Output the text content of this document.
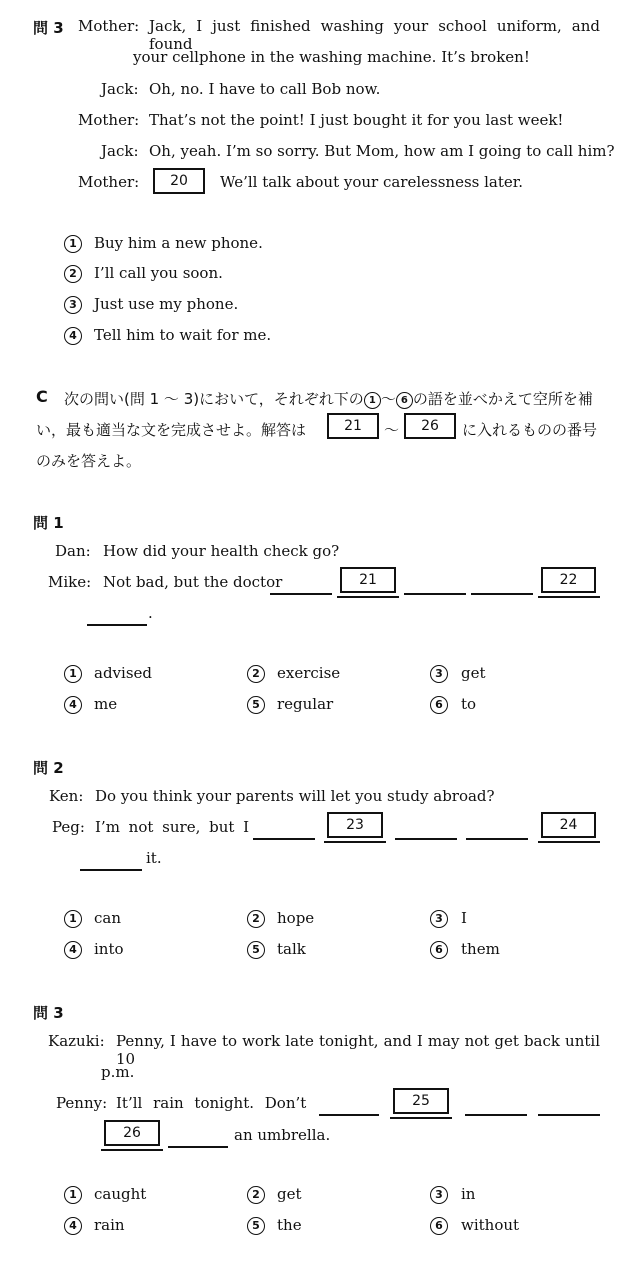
問 3 Mother: Jack, I just finished washing your school uniform, and found
your cellphone in the washing machine. It’s broken!
Jack: Oh, no. I have to call Bob now.
Mother: That’s not the point! I just bought it for you last week!
Jack: Oh, yeah. I’m so sorry. But Mom, how am I going to call him?
Mother:	20	We’ll talk about your carelessness later.
1	Buy him a new phone.
2	I’ll call you soon.
3	Just use my phone.
4	Tell him to wait for me.
C 次の問い(問 1 ～ 3)において，それぞれ下の 1 ～ 6 の語を並べかえて空所を補
い，最も適当な文を完成させよ。解答は	21	～	26	に入れるものの番号
のみを答えよ。
問 1
Dan: How did your health check go?
Mike: Not bad, but the doctor	21	22
.
1	advised	2	exercise	3	get
4	me	5	regular	6	to
問 2
Ken: Do you think your parents will let you study abroad?
Peg: I’m not sure, but I	23	24
it.
1	can	2	hope	3	I
4	into	5	talk	6	them
問 3
Kazuki: Penny, I have to work late tonight, and I may not get back until 10
p.m.
Penny: It’ll rain tonight. Don’t	25
26	an umbrella.
1	caught	2	get	3	in
4	rain	5	the	6	without
